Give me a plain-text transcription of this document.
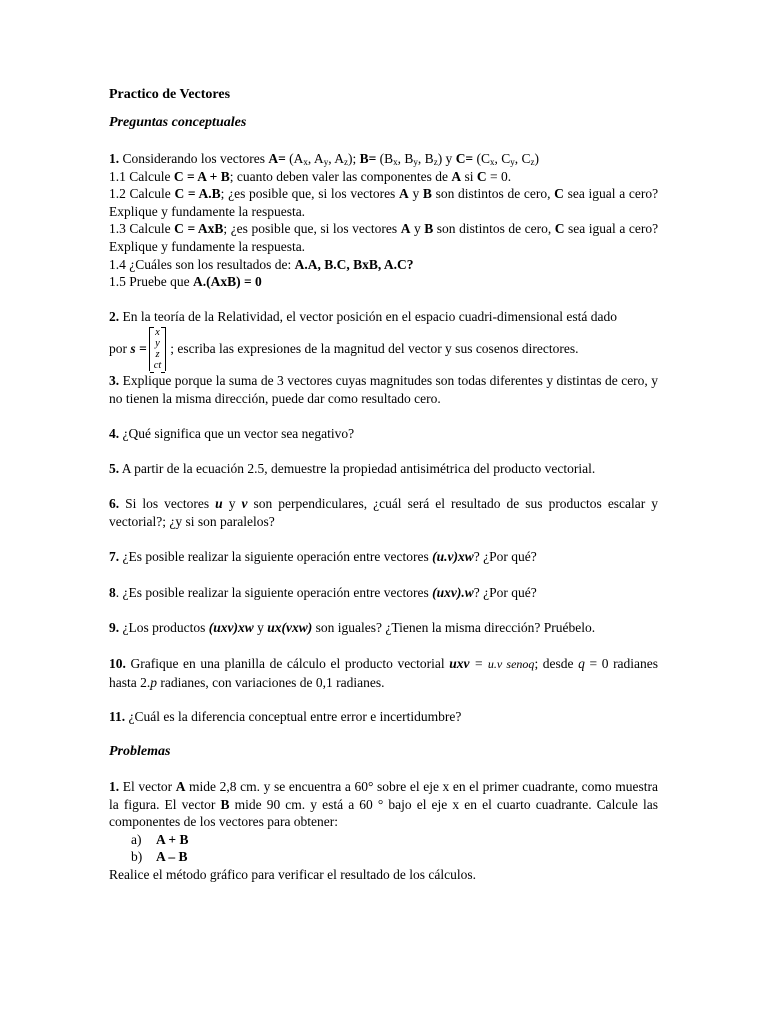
Practico de Vectores

Preguntas conceptuales

1. Considerando los vectores $A= (A_x$, $A_y$, $A_z$); $B= (B_x$, $B_y$, $B_z$) y $C= (C_x$, $C_y$, $C_z$)
1.1 Calcule C = A + B; cuanto deben valer las componentes de A si C = 0.
1.2 Calcule C = A.B; ¿es posible que, si los vectores A y B son distintos de cero, C sea igual a cero? Explique y fundamente la respuesta.
1.3 Calcule C = AxB; ¿es posible que, si los vectores A y B son distintos de cero, C sea igual a cero? Explique y fundamente la respuesta.
1.4 ¿Cuáles son los resultados de: A.A, B.C, BxB, A.C?
1.5 Pruebe que A.(AxB) = 0
2. En la teoría de la Relatividad, el vector posición en el espacio cuadri-dimensional está dado
por
s =
x
y
z
ct
; escriba las expresiones de la magnitud del vector y sus cosenos directores.
3. Explique porque la suma de 3 vectores cuyas magnitudes son todas diferentes y distintas de cero, y no tienen la misma dirección, puede dar como resultado cero.
4. ¿Qué significa que un vector sea negativo?
5. A partir de la ecuación 2.5, demuestre la propiedad antisimétrica del producto vectorial.
6. Si los vectores u y v son perpendiculares, ¿cuál será el resultado de sus productos escalar y vectorial?; ¿y si son paralelos?
7. ¿Es posible realizar la siguiente operación entre vectores (u.v)xw? ¿Por qué?
8. ¿Es posible realizar la siguiente operación entre vectores (uxv).w? ¿Por qué?
9. ¿Los productos (uxv)xw y ux(vxw) son iguales? ¿Tienen la misma dirección? Pruébelo.
10. Grafique en una planilla de cálculo el producto vectorial uxv = u.v senoq; desde q = 0 radianes hasta 2.p radianes, con variaciones de 0,1 radianes.
11. ¿Cuál es la diferencia conceptual entre error e incertidumbre?

Problemas

1. El vector A mide 2,8 cm. y se encuentra a 60° sobre el eje x en el primer cuadrante, como muestra la figura. El vector B mide 90 cm. y está a 60 ° bajo el eje x en el cuarto cuadrante. Calcule las componentes de los vectores para obtener:
a) A + B
b) A – B
Realice el método gráfico para verificar el resultado de los cálculos.
